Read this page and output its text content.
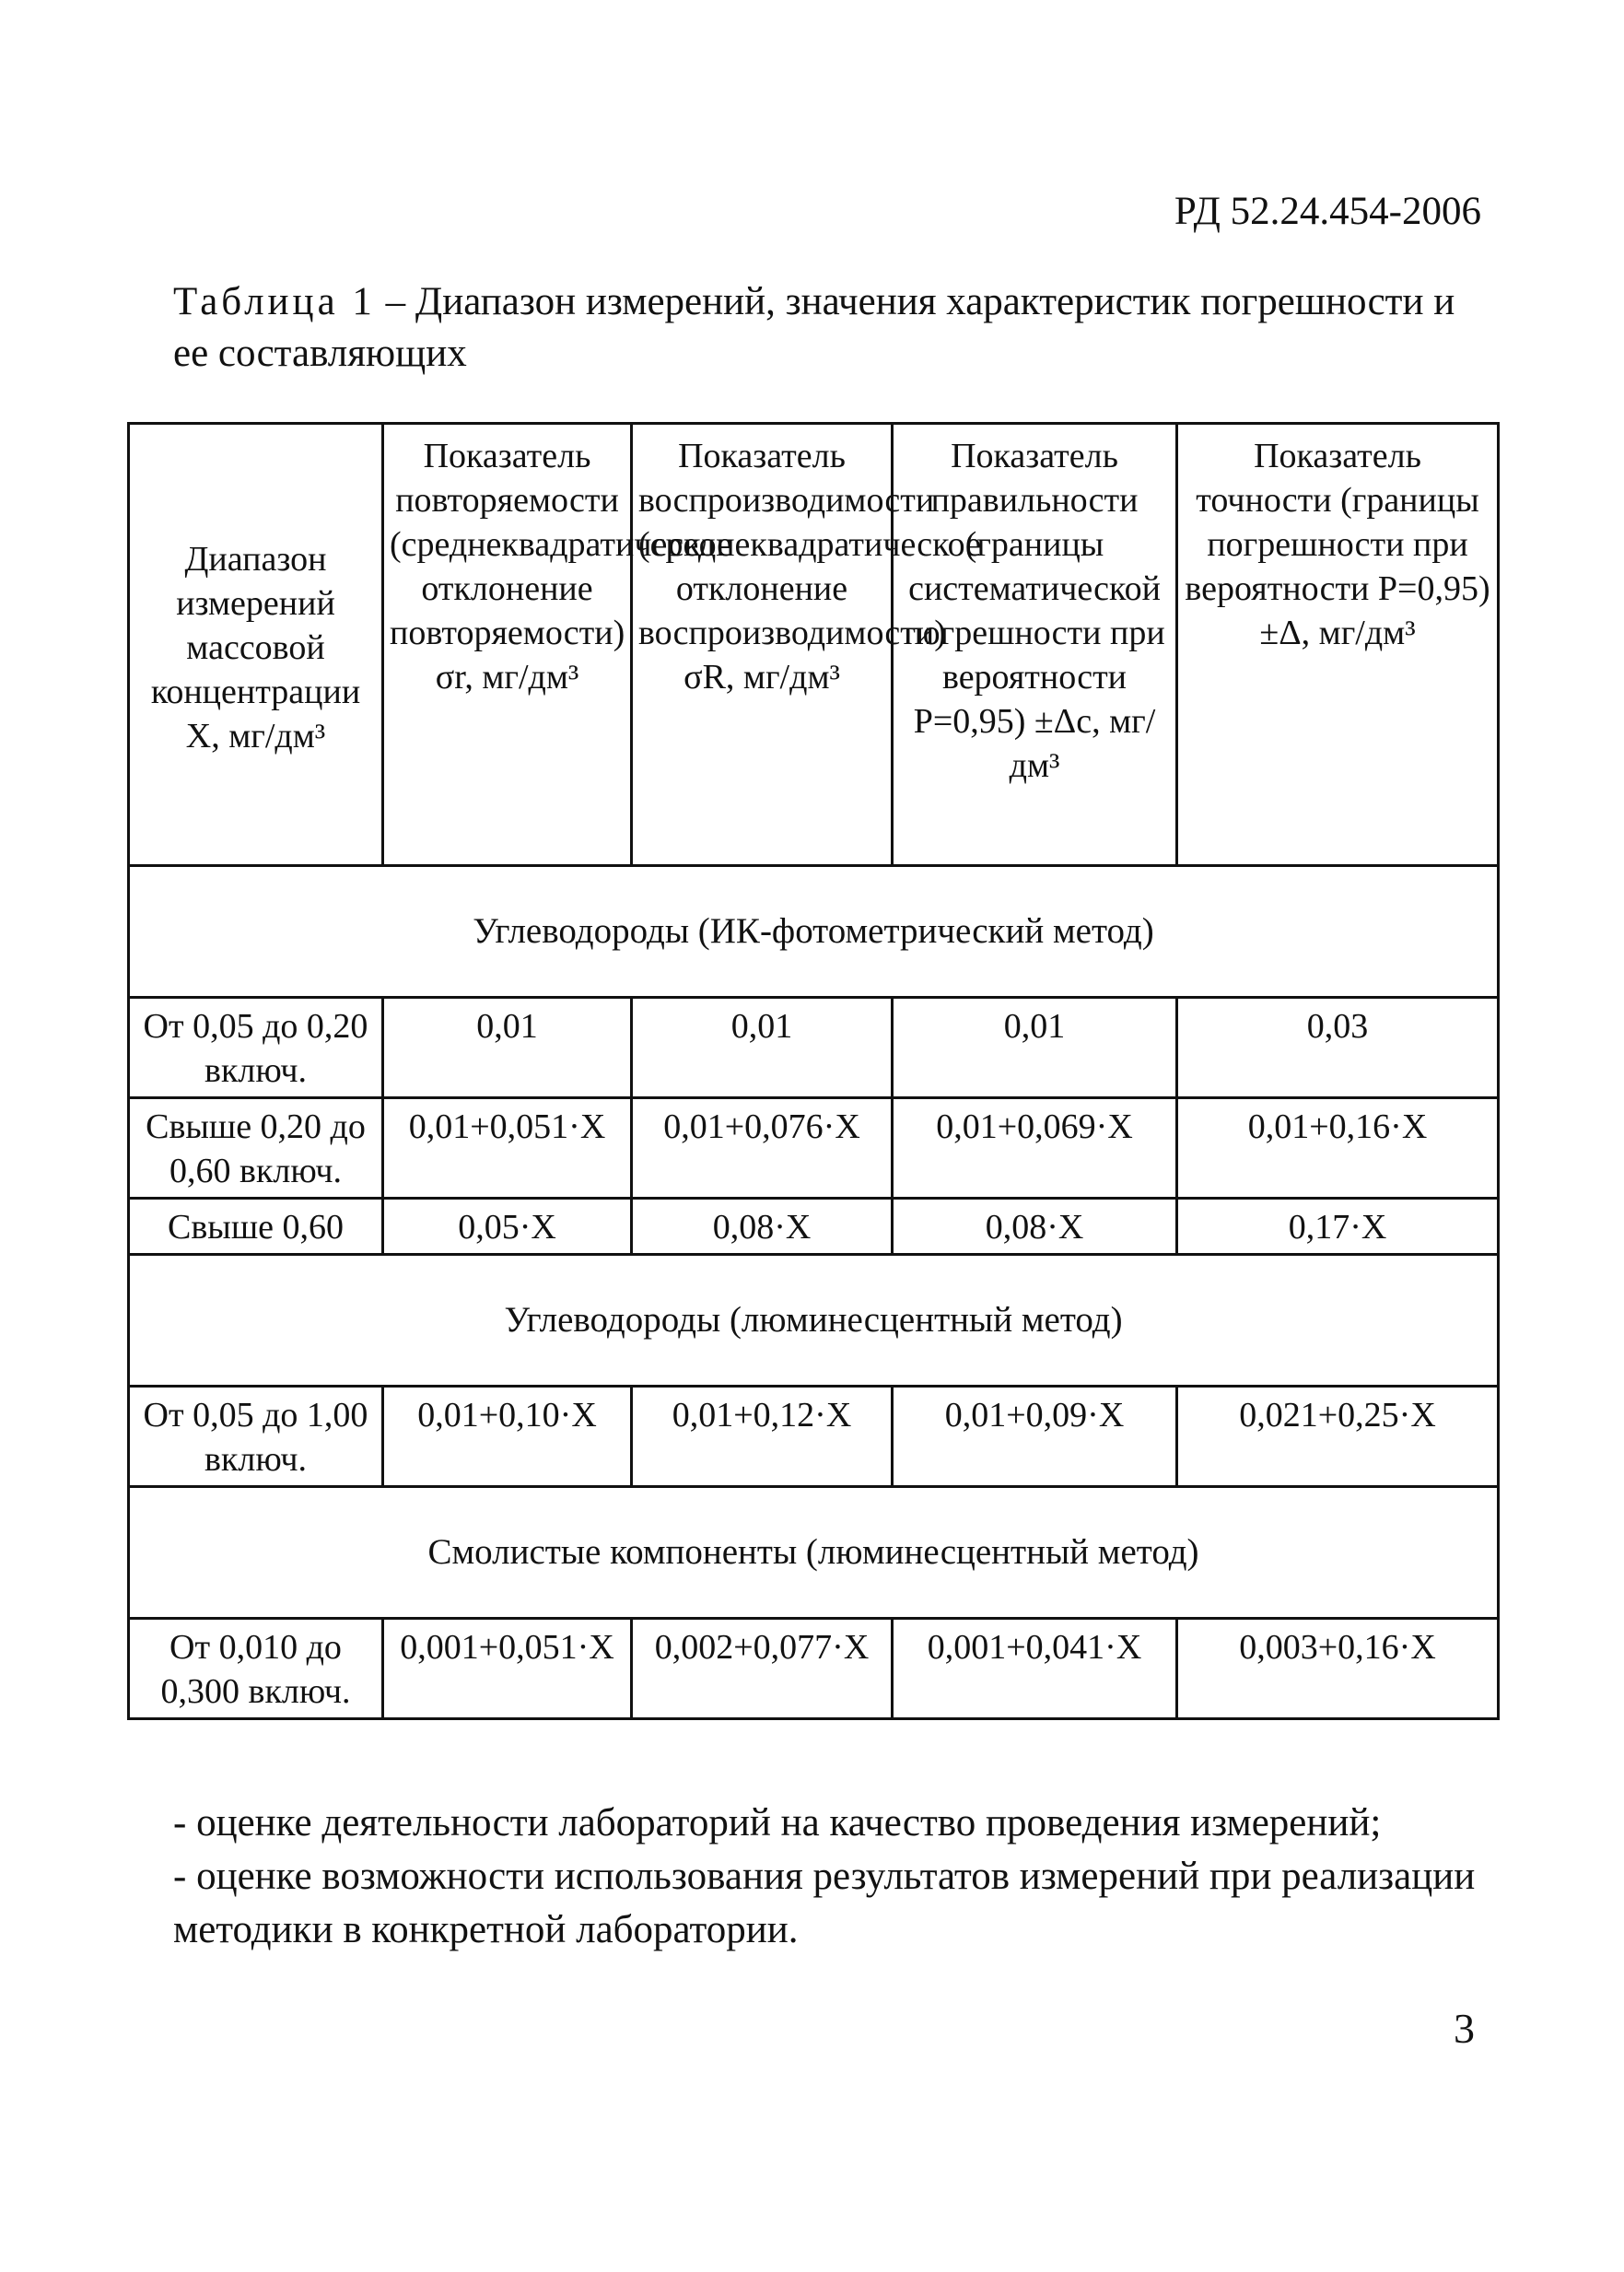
РД 52.24.454-2006
Таблица 1 – Диапазон измерений, значения характеристик погрешности и ее составляющих
Диапазон измерений массовой концентрации X, мг/дм³	Показатель повторяемости (среднеквадратическое отклонение повторяемости) σr, мг/дм³	Показатель воспроизводимости (среднеквадратическое отклонение воспроизводимости) σR, мг/дм³	Показатель правильности (границы систематической погрешности при вероятности Р=0,95) ±Δc, мг/дм³	Показатель точности (границы погрешности при вероятности Р=0,95) ±Δ, мг/дм³
Углеводороды (ИК-фотометрический метод)				
От 0,05 до 0,20 включ.	0,01	0,01	0,01	0,03
Свыше 0,20 до 0,60 включ.	0,01+0,051·X	0,01+0,076·X	0,01+0,069·X	0,01+0,16·X
Свыше 0,60	0,05·X	0,08·X	0,08·X	0,17·X
Углеводороды (люминесцентный метод)				
От 0,05 до 1,00 включ.	0,01+0,10·X	0,01+0,12·X	0,01+0,09·X	0,021+0,25·X
Смолистые компоненты (люминесцентный метод)				
От 0,010 до 0,300 включ.	0,001+0,051·X	0,002+0,077·X	0,001+0,041·X	0,003+0,16·X

- оценке деятельности лабораторий на качество проведения измерений;

- оценке возможности использования результатов измерений при реализации методики в конкретной лаборатории.

3
